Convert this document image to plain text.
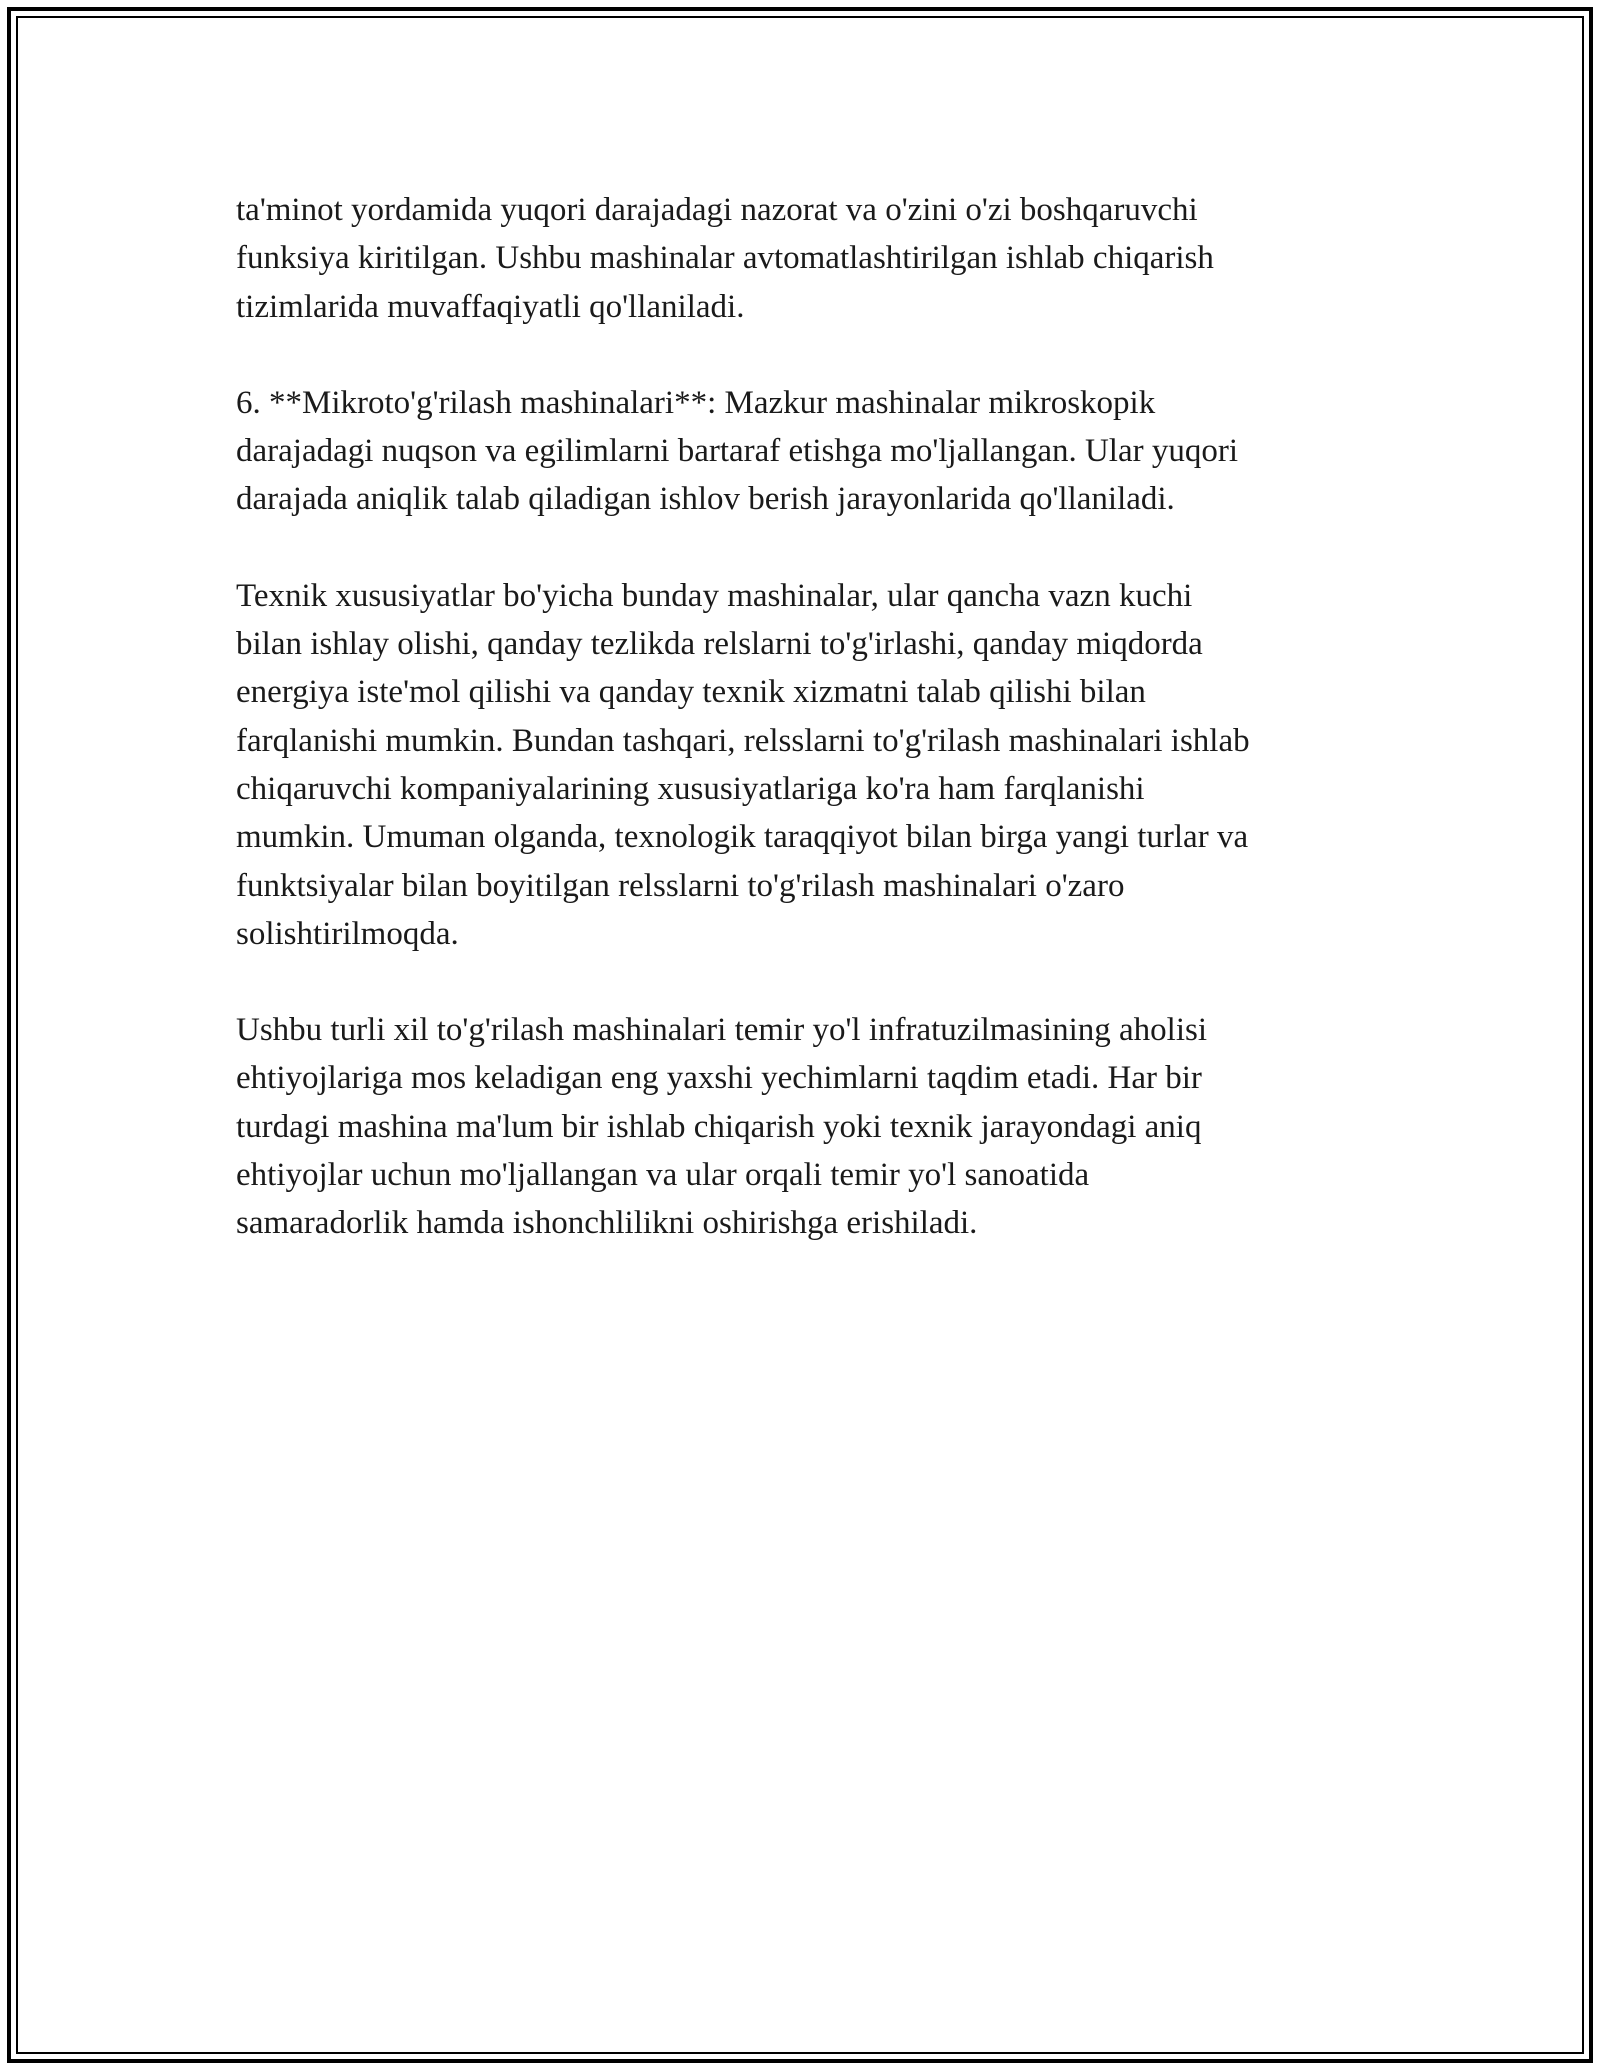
ta'minot yordamida yuqori darajadagi nazorat va o'zini o'zi boshqaruvchi
funksiya kiritilgan. Ushbu mashinalar avtomatlashtirilgan ishlab chiqarish
tizimlarida muvaffaqiyatli qo'llaniladi.

6. **Mikroto'g'rilash mashinalari**: Mazkur mashinalar mikroskopik
darajadagi nuqson va egilimlarni bartaraf etishga mo'ljallangan. Ular yuqori
darajada aniqlik talab qiladigan ishlov berish jarayonlarida qo'llaniladi.

Texnik xususiyatlar bo'yicha bunday mashinalar, ular qancha vazn kuchi
bilan ishlay olishi, qanday tezlikda relslarni to'g'irlashi, qanday miqdorda
energiya iste'mol qilishi va qanday texnik xizmatni talab qilishi bilan
farqlanishi mumkin. Bundan tashqari, relsslarni to'g'rilash mashinalari ishlab
chiqaruvchi kompaniyalarining xususiyatlariga ko'ra ham farqlanishi
mumkin. Umuman olganda, texnologik taraqqiyot bilan birga yangi turlar va
funktsiyalar bilan boyitilgan relsslarni to'g'rilash mashinalari o'zaro
solishtirilmoqda.

Ushbu turli xil to'g'rilash mashinalari temir yo'l infratuzilmasining aholisi
ehtiyojlariga mos keladigan eng yaxshi yechimlarni taqdim etadi. Har bir
turdagi mashina ma'lum bir ishlab chiqarish yoki texnik jarayondagi aniq
ehtiyojlar uchun mo'ljallangan va ular orqali temir yo'l sanoatida
samaradorlik hamda ishonchlilikni oshirishga erishiladi.
